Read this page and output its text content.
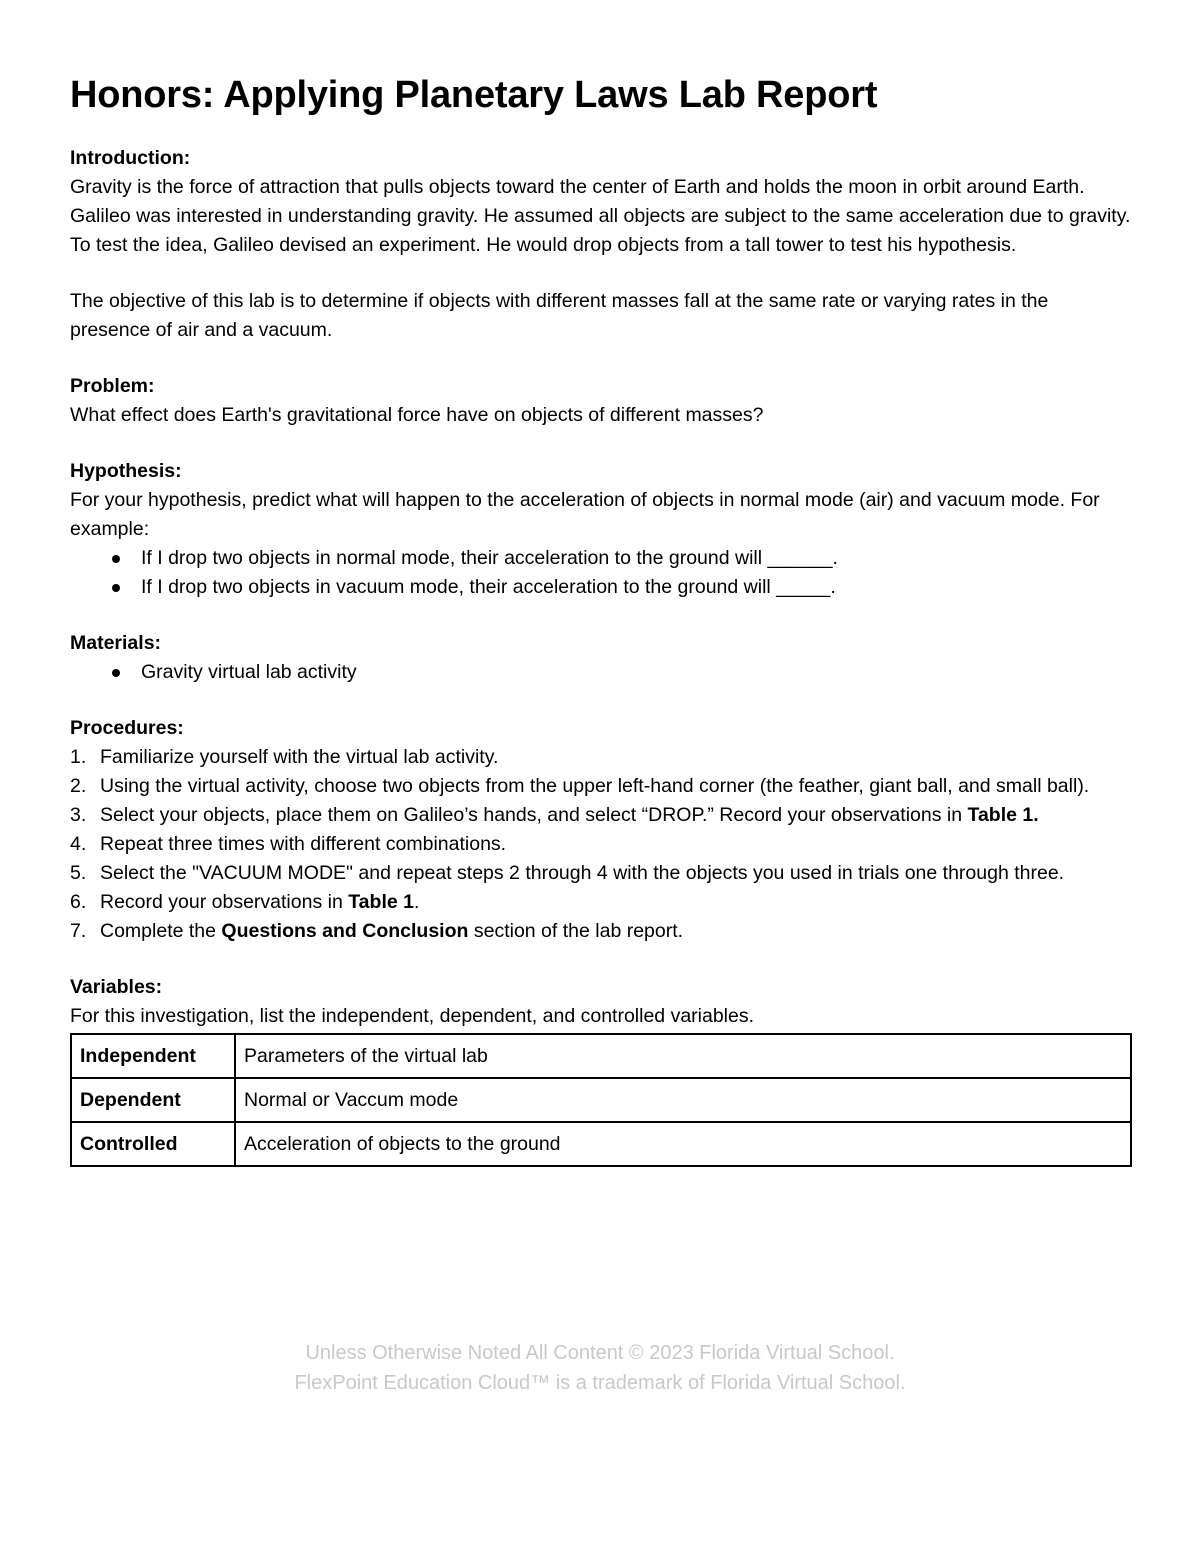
Honors: Applying Planetary Laws Lab Report

Introduction:

Gravity is the force of attraction that pulls objects toward the center of Earth and holds the moon in orbit around Earth. Galileo was interested in understanding gravity. He assumed all objects are subject to the same acceleration due to gravity. To test the idea, Galileo devised an experiment. He would drop objects from a tall tower to test his hypothesis.

The objective of this lab is to determine if objects with different masses fall at the same rate or varying rates in the presence of air and a vacuum.

Problem:

What effect does Earth's gravitational force have on objects of different masses?

Hypothesis:

For your hypothesis, predict what will happen to the acceleration of objects in normal mode (air) and vacuum mode. For example:

If I drop two objects in normal mode, their acceleration to the ground will ______.
If I drop two objects in vacuum mode, their acceleration to the ground will _____.

Materials:

Gravity virtual lab activity

Procedures:

1. Familiarize yourself with the virtual lab activity.
2. Using the virtual activity, choose two objects from the upper left-hand corner (the feather, giant ball, and small ball).
3. Select your objects, place them on Galileo’s hands, and select “DROP.” Record your observations in Table 1.
4. Repeat three times with different combinations.
5. Select the "VACUUM MODE" and repeat steps 2 through 4 with the objects you used in trials one through three.
6. Record your observations in Table 1.
7. Complete the Questions and Conclusion section of the lab report.

Variables:

For this investigation, list the independent, dependent, and controlled variables.

Independent	Parameters of the virtual lab
Dependent	Normal or Vaccum mode
Controlled	Acceleration of objects to the ground
Unless Otherwise Noted All Content © 2023 Florida Virtual School.
FlexPoint Education Cloud™ is a trademark of Florida Virtual School.
